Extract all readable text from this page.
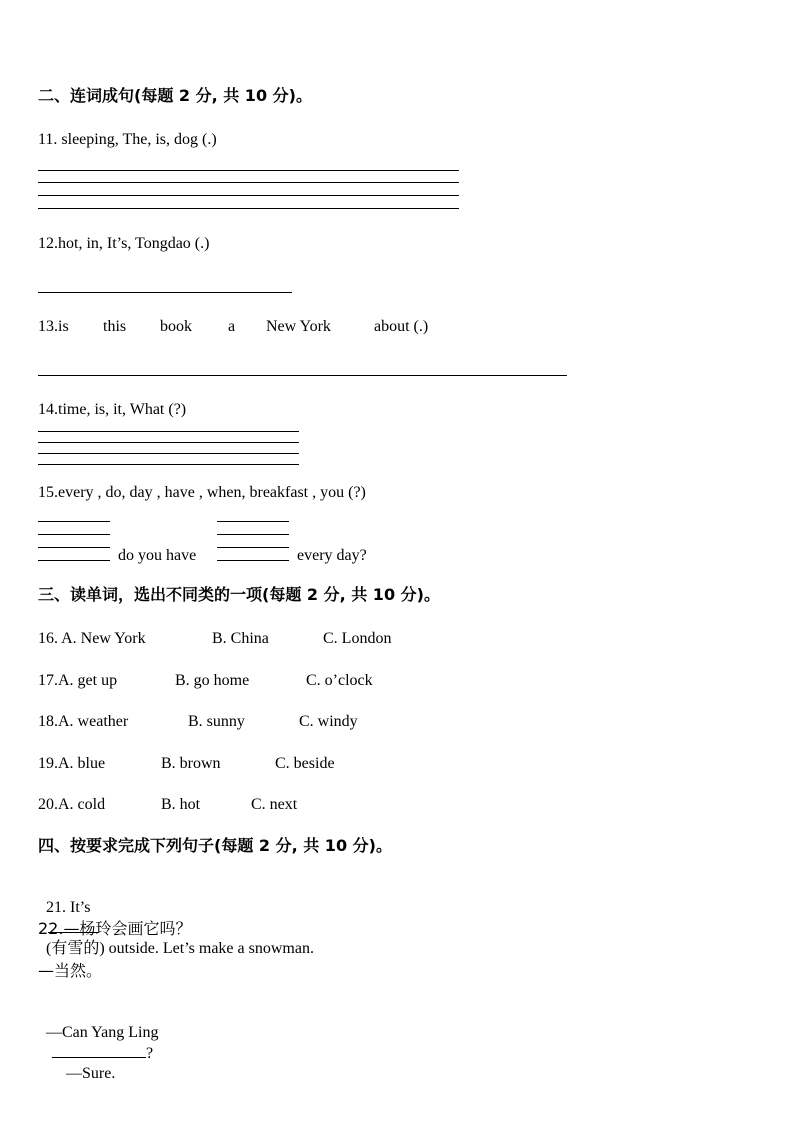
二、连词成句(每题 2 分, 共 10 分)。
11. sleeping, The, is, dog (.)
12.hot, in, It’s, Tongdao (.)
13.is this book a New York	about (.)
14.time, is, it, What (?)
15.every , do, day , have , when, breakfast , you (?)
do you have	every day?
三、读单词，选出不同类的一项(每题 2 分, 共 10 分)。
16. A. New York	B. China	C. London
17.A. get up	B. go home	C. o’clock
18.A. weather	B. sunny	C. windy
19.A. blue	B. brown	C. beside
20.A. cold	B. hot	C. next
四、按要求完成下列句子(每题 2 分, 共 10 分)。

21. It’s

(有雪的) outside. Let’s make a snowman.

22.—杨玲会画它吗？
—当然。

—Can Yang Ling
?
—Sure.
